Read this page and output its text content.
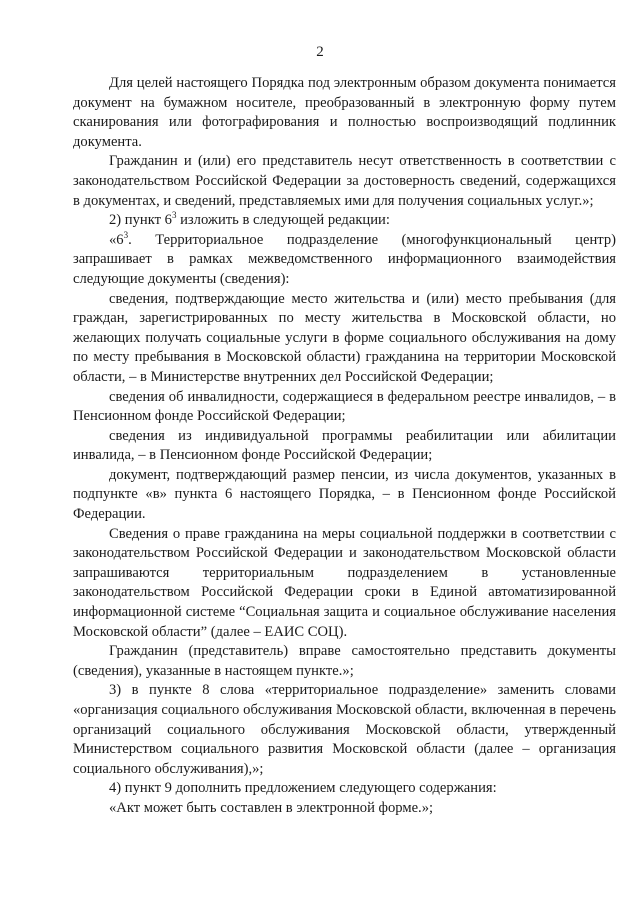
2

Для целей настоящего Порядка под электронным образом документа понимается документ на бумажном носителе, преобразованный в электронную форму путем сканирования или фотографирования и полностью воспроизводящий подлинник документа.

Гражданин и (или) его представитель несут ответственность в соответствии с законодательством Российской Федерации за достоверность сведений, содержащихся в документах, и сведений, представляемых ими для получения социальных услуг.»;

2) пункт $6^3$ изложить в следующей редакции:

«$6^3$. Территориальное подразделение (многофункциональный центр) запрашивает в рамках межведомственного информационного взаимодействия следующие документы (сведения):

сведения, подтверждающие место жительства и (или) место пребывания (для граждан, зарегистрированных по месту жительства в Московской области, но желающих получать социальные услуги в форме социального обслуживания на дому по месту пребывания в Московской области) гражданина на территории Московской области, – в Министерстве внутренних дел Российской Федерации;

сведения об инвалидности, содержащиеся в федеральном реестре инвалидов, – в Пенсионном фонде Российской Федерации;

сведения из индивидуальной программы реабилитации или абилитации инвалида, – в Пенсионном фонде Российской Федерации;

документ, подтверждающий размер пенсии, из числа документов, указанных в подпункте «в» пункта 6 настоящего Порядка, – в Пенсионном фонде Российской Федерации.

Сведения о праве гражданина на меры социальной поддержки в соответствии с законодательством Российской Федерации и законодательством Московской области запрашиваются территориальным подразделением в установленные законодательством Российской Федерации сроки в Единой автоматизированной информационной системе “Социальная защита и социальное обслуживание населения Московской области” (далее – ЕАИС СОЦ).

Гражданин (представитель) вправе самостоятельно представить документы (сведения), указанные в настоящем пункте.»;

3) в пункте 8 слова «территориальное подразделение» заменить словами «организация социального обслуживания Московской области, включенная в перечень организаций социального обслуживания Московской области, утвержденный Министерством социального развития Московской области (далее – организация социального обслуживания),»;

4) пункт 9 дополнить предложением следующего содержания:

«Акт может быть составлен в электронной форме.»;
